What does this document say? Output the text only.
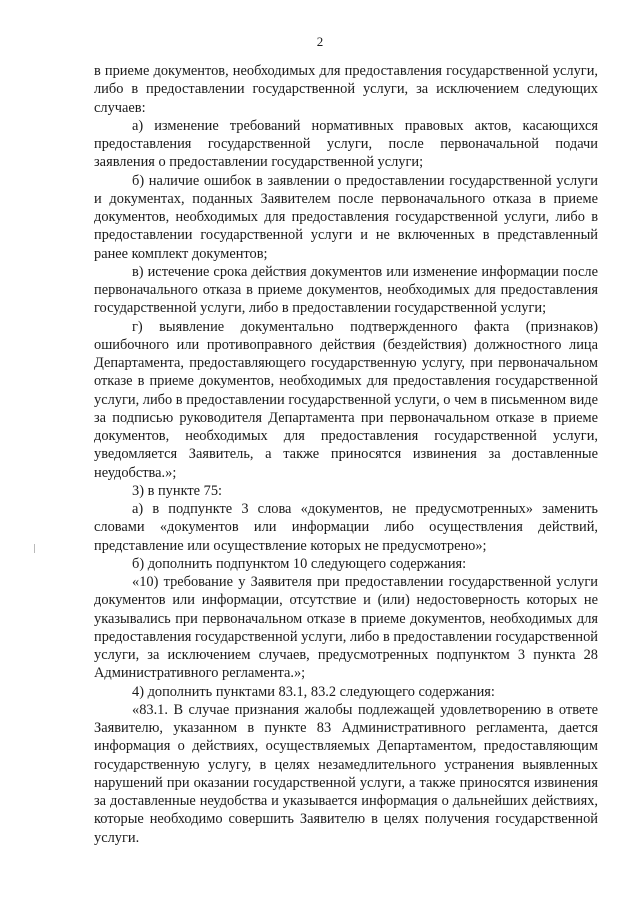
2

в приеме документов, необходимых для предоставления государственной услуги, либо в предоставлении государственной услуги, за исключением следующих случаев:

а) изменение требований нормативных правовых актов, касающихся предоставления государственной услуги, после первоначальной подачи заявления о предоставлении государственной услуги;

б) наличие ошибок в заявлении о предоставлении государственной услуги и документах, поданных Заявителем после первоначального отказа в приеме документов, необходимых для предоставления государственной услуги, либо в предоставлении государственной услуги и не включенных в представленный ранее комплект документов;

в) истечение срока действия документов или изменение информации после первоначального отказа в приеме документов, необходимых для предоставления государственной услуги, либо в предоставлении государственной услуги;

г) выявление документально подтвержденного факта (признаков) ошибочного или противоправного действия (бездействия) должностного лица Департамента, предоставляющего государственную услугу, при первоначальном отказе в приеме документов, необходимых для предоставления государственной услуги, либо в предоставлении государственной услуги, о чем в письменном виде за подписью руководителя Департамента при первоначальном отказе в приеме документов, необходимых для предоставления государственной услуги, уведомляется Заявитель, а также приносятся извинения за доставленные неудобства.»;

3) в пункте 75:

а) в подпункте 3 слова «документов, не предусмотренных» заменить словами «документов или информации либо осуществления действий, представление или осуществление которых не предусмотрено»;

б) дополнить подпунктом 10 следующего содержания:

«10) требование у Заявителя при предоставлении государственной услуги документов или информации, отсутствие и (или) недостоверность которых не указывались при первоначальном отказе в приеме документов, необходимых для предоставления государственной услуги, либо в предоставлении государственной услуги, за исключением случаев, предусмотренных подпунктом 3 пункта 28 Административного регламента.»;

4) дополнить пунктами 83.1, 83.2 следующего содержания:

«83.1. В случае признания жалобы подлежащей удовлетворению в ответе Заявителю, указанном в пункте 83 Административного регламента, дается информация о действиях, осуществляемых Департаментом, предоставляющим государственную услугу, в целях незамедлительного устранения выявленных нарушений при оказании государственной услуги, а также приносятся извинения за доставленные неудобства и указывается информация о дальнейших действиях, которые необходимо совершить Заявителю в целях получения государственной услуги.
